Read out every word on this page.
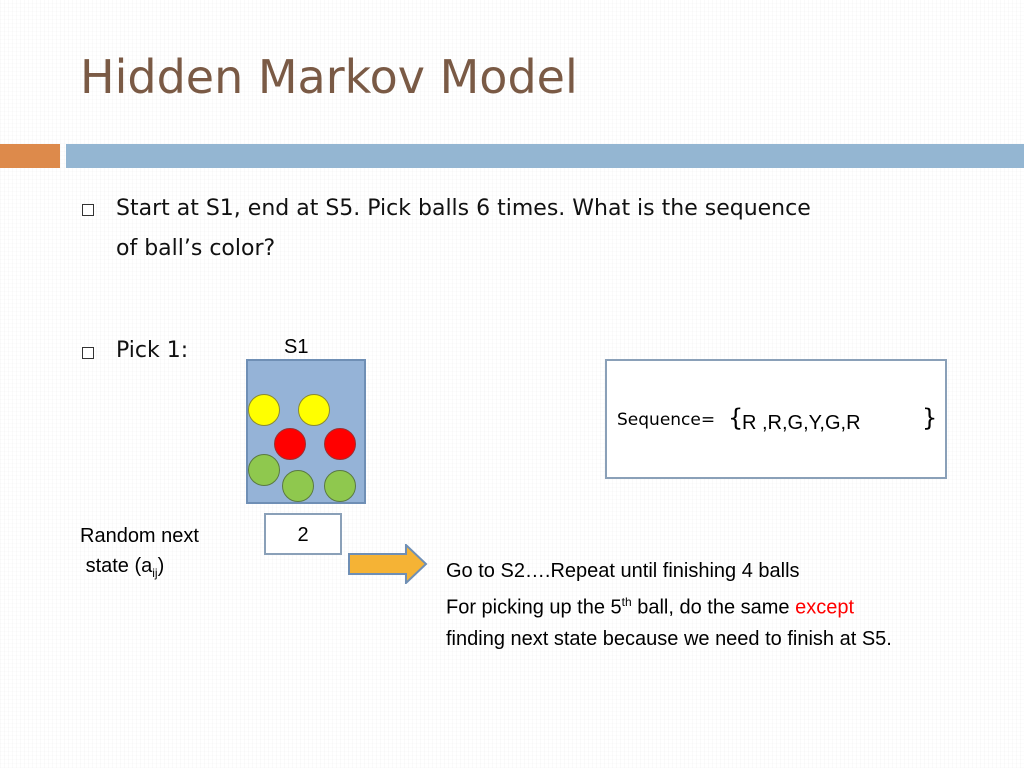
Hidden Markov Model
Start at S1, end at S5. Pick balls 6 times. What is the sequence
of ball’s color?
Pick 1:	S1
Sequence= {
R ,R,G,Y,G,R	}
Random next
state $(a_{ij})$
2
Go to S2….Repeat until finishing 4 balls
For picking up the 5th ball, do the same except
finding next state because we need to finish at S5.
